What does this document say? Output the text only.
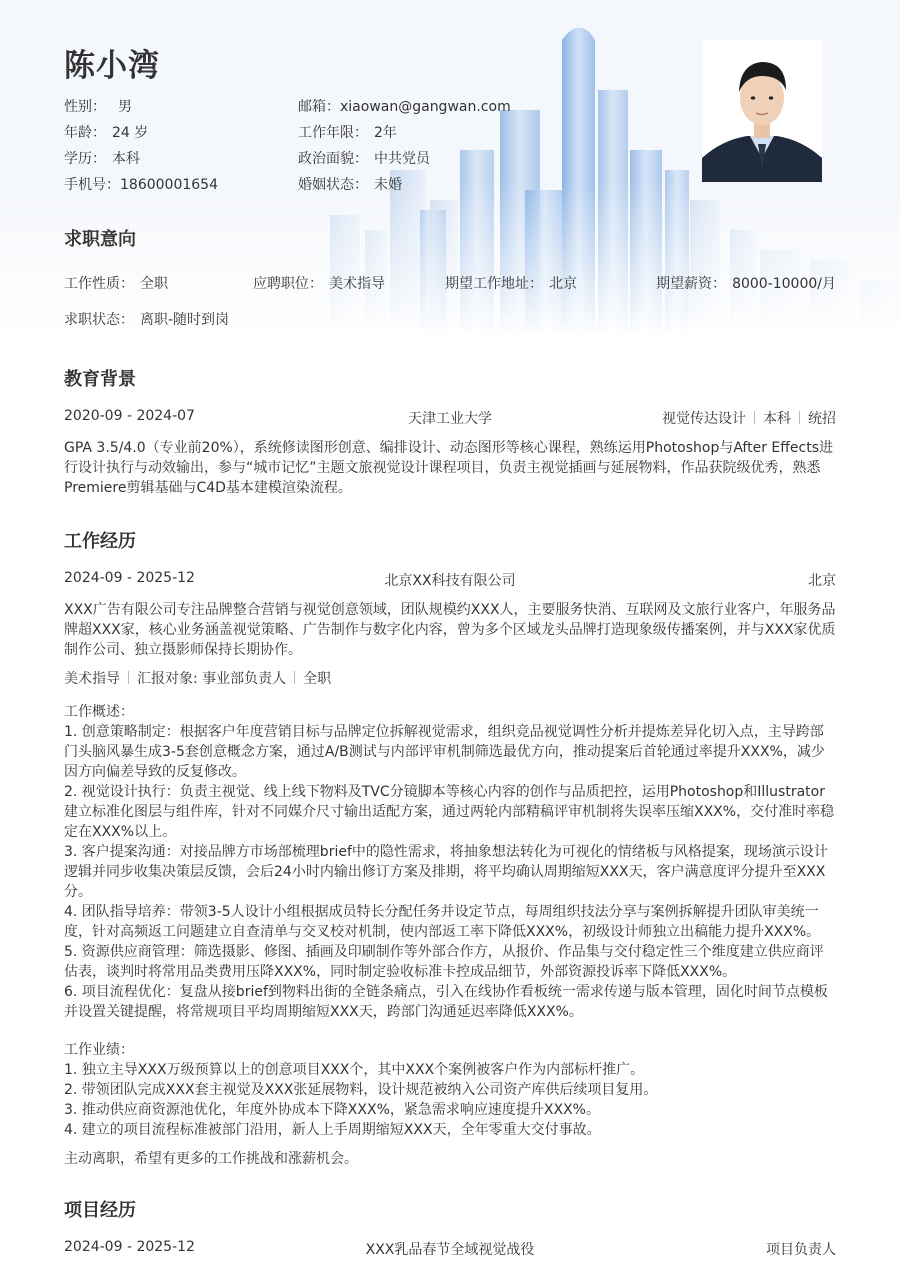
陈小湾
性别： 男
年龄： 24 岁
学历： 本科
手机号：18600001654
邮箱：xiaowan@gangwan.com
工作年限： 2年
政治面貌： 中共党员
婚姻状态： 未婚
求职意向
工作性质： 全职	应聘职位： 美术指导	期望工作地址： 北京	期望薪资： 8000-10000/月
求职状态： 离职-随时到岗
教育背景
2020-09 - 2024-07	天津工业大学	视觉传达设计 本科 统招

GPA 3.5/4.0（专业前20%），系统修读图形创意、编排设计、动态图形等核心课程，熟练运用Photoshop与After Effects进行设计执行与动效输出，参与“城市记忆”主题文旅视觉设计课程项目，负责主视觉插画与延展物料，作品获院级优秀，熟悉Premiere剪辑基础与C4D基本建模渲染流程。

工作经历
2024-09 - 2025-12	北京XX科技有限公司	北京

XXX广告有限公司专注品牌整合营销与视觉创意领域，团队规模约XXX人，主要服务快消、互联网及文旅行业客户，年服务品牌超XXX家，核心业务涵盖视觉策略、广告制作与数字化内容，曾为多个区域龙头品牌打造现象级传播案例，并与XXX家优质制作公司、独立摄影师保持长期协作。

美术指导 汇报对象: 事业部负责人 全职
工作概述：
1. 创意策略制定：根据客户年度营销目标与品牌定位拆解视觉需求，组织竞品视觉调性分析并提炼差异化切入点，主导跨部门头脑风暴生成3-5套创意概念方案，通过A/B测试与内部评审机制筛选最优方向，推动提案后首轮通过率提升XXX%，减少因方向偏差导致的反复修改。
2. 视觉设计执行：负责主视觉、线上线下物料及TVC分镜脚本等核心内容的创作与品质把控，运用Photoshop和Illustrator建立标准化图层与组件库，针对不同媒介尺寸输出适配方案，通过两轮内部精稿评审机制将失误率压缩XXX%，交付准时率稳定在XXX%以上。
3. 客户提案沟通：对接品牌方市场部梳理brief中的隐性需求，将抽象想法转化为可视化的情绪板与风格提案，现场演示设计逻辑并同步收集决策层反馈，会后24小时内输出修订方案及排期，将平均确认周期缩短XXX天，客户满意度评分提升至XXX分。
4. 团队指导培养：带领3-5人设计小组根据成员特长分配任务并设定节点，每周组织技法分享与案例拆解提升团队审美统一度，针对高频返工问题建立自查清单与交叉校对机制，使内部返工率下降低XXX%，初级设计师独立出稿能力提升XXX%。
5. 资源供应商管理：筛选摄影、修图、插画及印刷制作等外部合作方，从报价、作品集与交付稳定性三个维度建立供应商评估表，谈判时将常用品类费用压降XXX%，同时制定验收标准卡控成品细节，外部资源投诉率下降低XXX%。
6. 项目流程优化：复盘从接brief到物料出街的全链条痛点，引入在线协作看板统一需求传递与版本管理，固化时间节点模板并设置关键提醒，将常规项目平均周期缩短XXX天，跨部门沟通延迟率降低XXX%。
工作业绩：
1. 独立主导XXX万级预算以上的创意项目XXX个，其中XXX个案例被客户作为内部标杆推广。
2. 带领团队完成XXX套主视觉及XXX张延展物料，设计规范被纳入公司资产库供后续项目复用。
3. 推动供应商资源池优化，年度外协成本下降XXX%，紧急需求响应速度提升XXX%。
4. 建立的项目流程标准被部门沿用，新人上手周期缩短XXX天，全年零重大交付事故。

主动离职，希望有更多的工作挑战和涨薪机会。

项目经历
2024-09 - 2025-12	XXX乳品春节全域视觉战役	项目负责人
